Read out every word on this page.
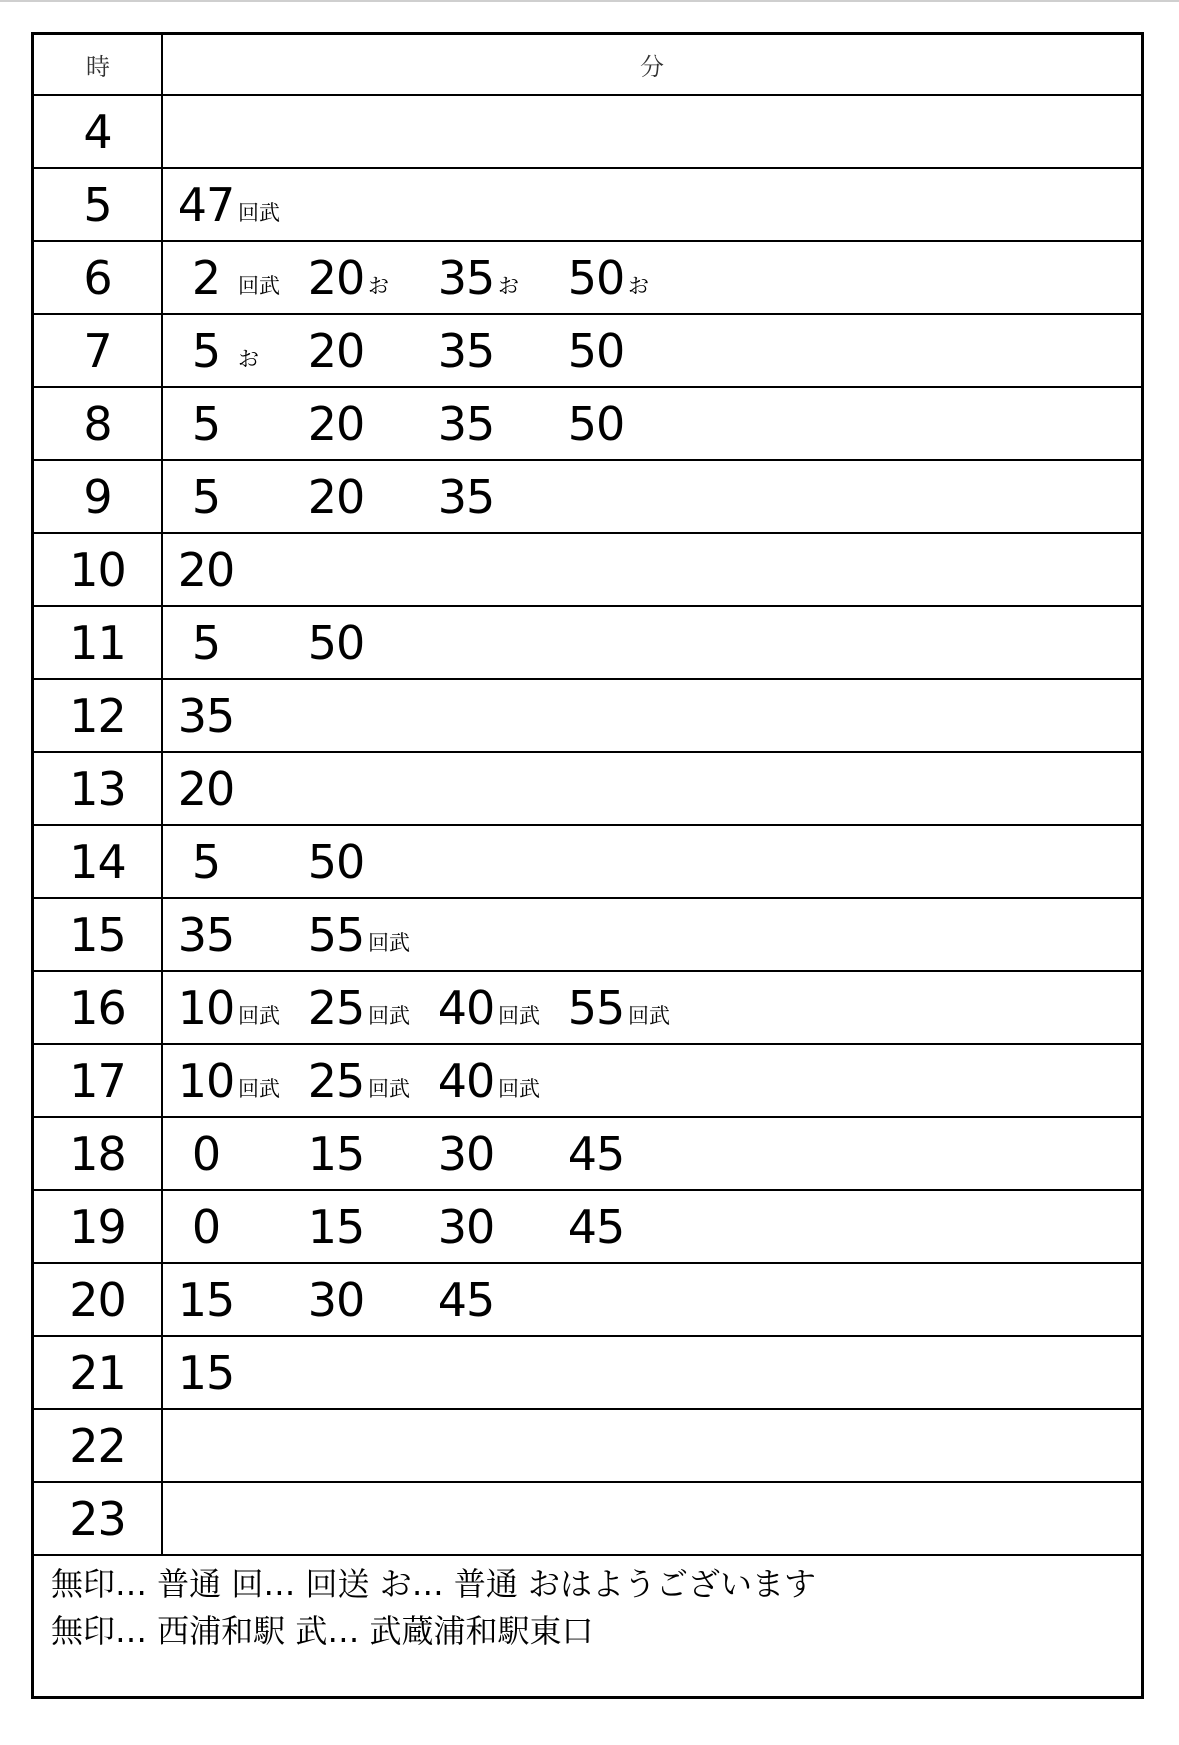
時	分
4
5	47 回武
6	2 回武 20 お 35 お 50 お
7	5 お 20 35 50
8	5	20 35 50
9	5	20 35
10	20
11	5	50
12	35
13	20
14	5	50
15	35 55 回武
16	10 回武 25 回武 40 回武 55 回武
17	10 回武 25 回武 40 回武
18	0	15 30 45
19	0	15 30 45
20	15 30 45
21	15
22
23
無印… 普通 回… 回送 お… 普通 おはようございます
無印… 西浦和駅 武… 武蔵浦和駅東口
